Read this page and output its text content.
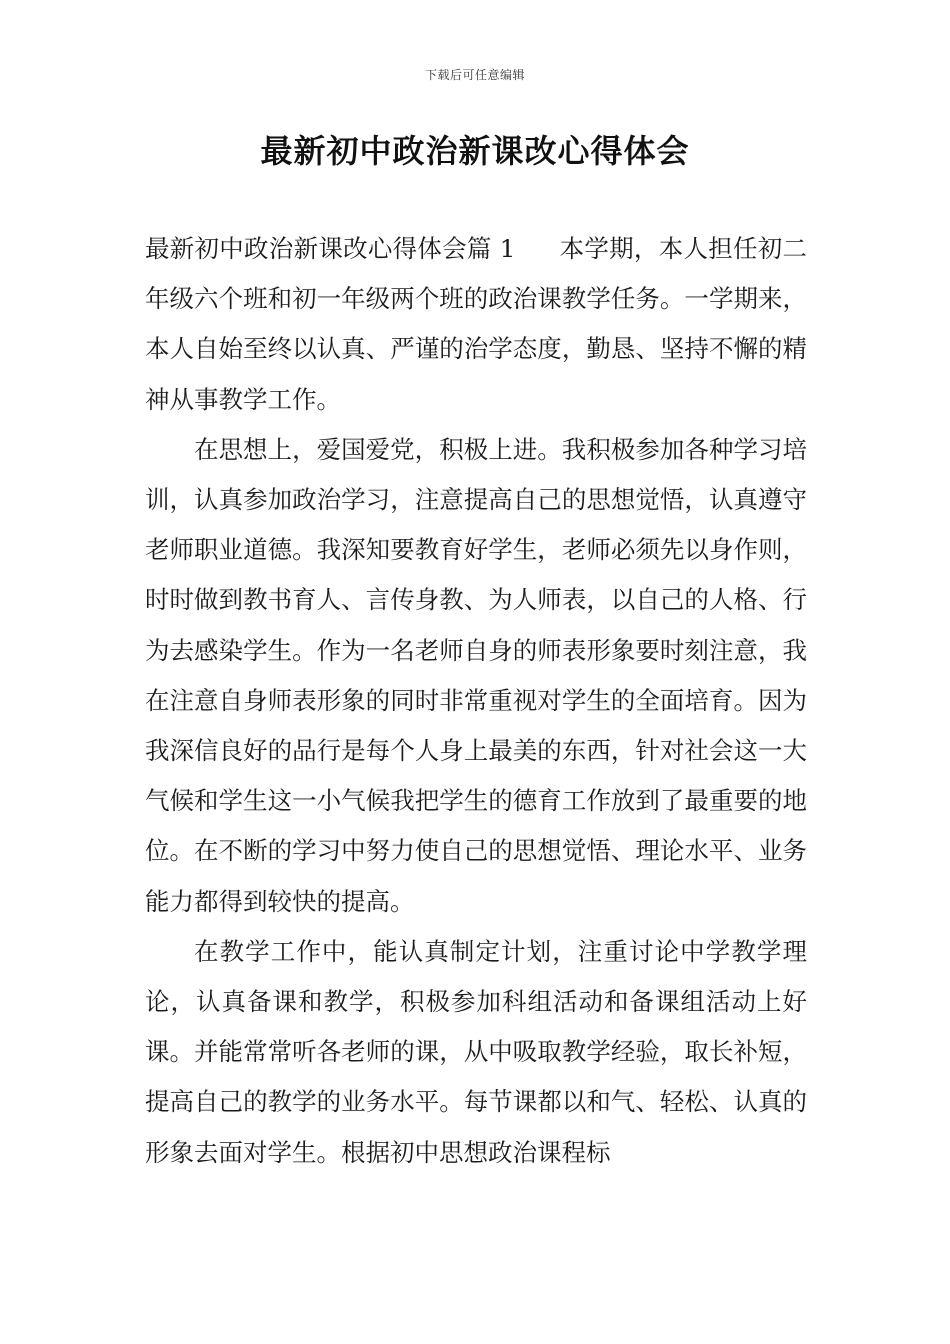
下载后可任意编辑
最新初中政治新课改心得体会

最新初中政治新课改心得体会篇 1 本学期，本人担任初二年级六个班和初一年级两个班的政治课教学任务。一学期来，本人自始至终以认真、严谨的治学态度，勤恳、坚持不懈的精神从事教学工作。

在思想上，爱国爱党，积极上进。我积极参加各种学习培训，认真参加政治学习，注意提高自己的思想觉悟，认真遵守老师职业道德。我深知要教育好学生，老师必须先以身作则，时时做到教书育人、言传身教、为人师表，以自己的人格、行为去感染学生。作为一名老师自身的师表形象要时刻注意，我在注意自身师表形象的同时非常重视对学生的全面培育。因为我深信良好的品行是每个人身上最美的东西，针对社会这一大气候和学生这一小气候我把学生的德育工作放到了最重要的地位。在不断的学习中努力使自己的思想觉悟、理论水平、业务能力都得到较快的提高。

在教学工作中，能认真制定计划，注重讨论中学教学理论，认真备课和教学，积极参加科组活动和备课组活动上好课。并能常常听各老师的课，从中吸取教学经验，取长补短，提高自己的教学的业务水平。每节课都以和气、轻松、认真的形象去面对学生。根据初中思想政治课程标
